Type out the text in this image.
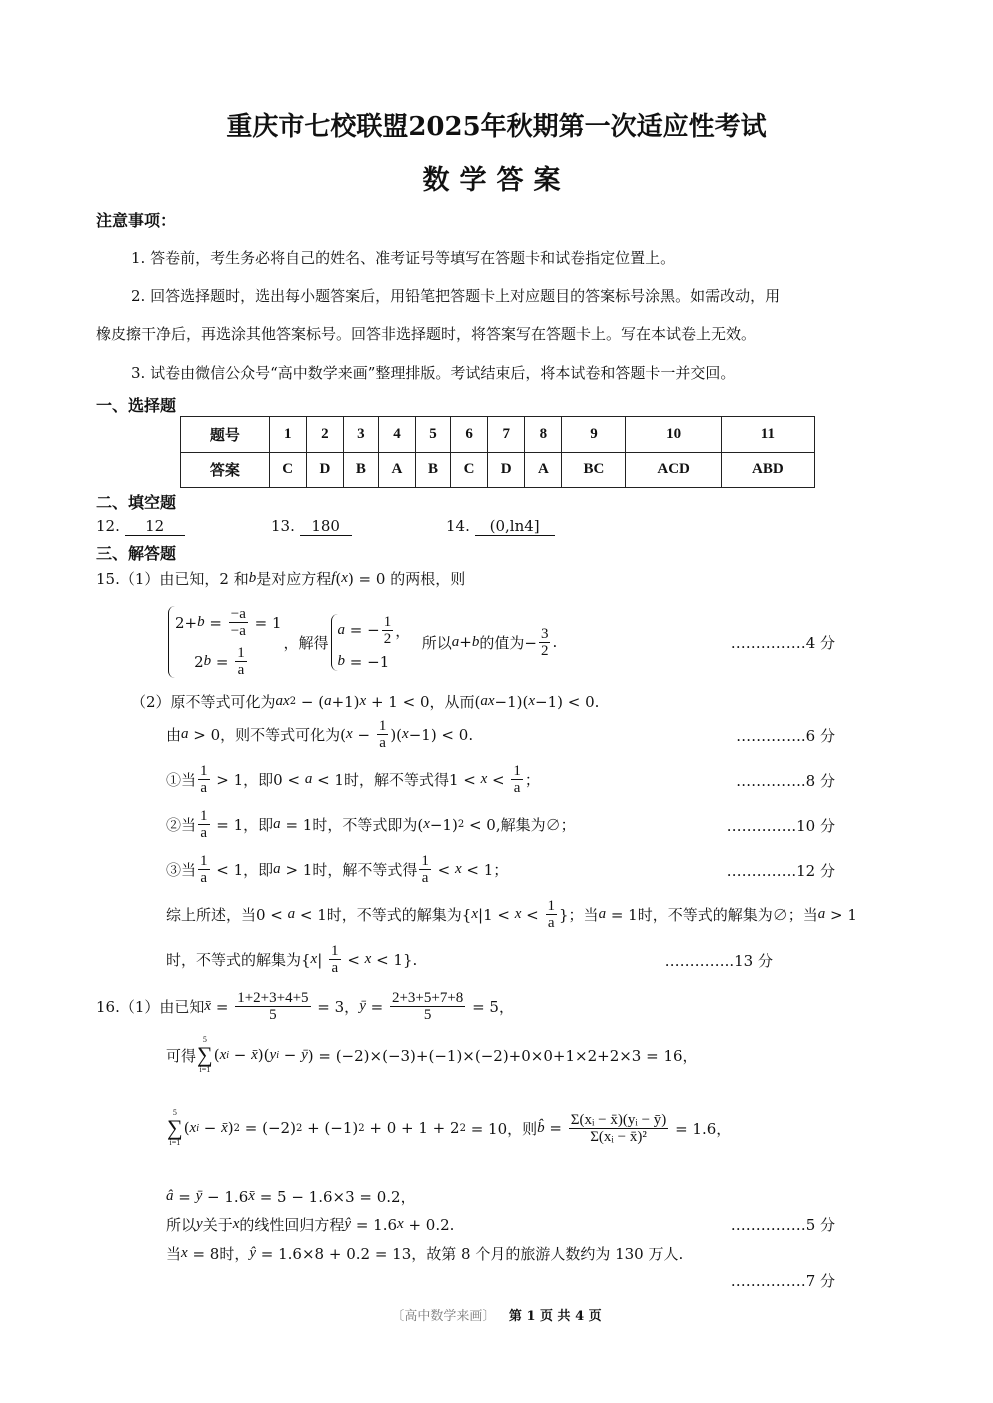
重庆市七校联盟2025年秋期第一次适应性考试
数学答案
注意事项：
1. 答卷前，考生务必将自己的姓名、准考证号等填写在答题卡和试卷指定位置上。
2. 回答选择题时，选出每小题答案后，用铅笔把答题卡上对应题目的答案标号涂黑。如需改动，用
橡皮擦干净后，再选涂其他答案标号。回答非选择题时，将答案写在答题卡上。写在本试卷上无效。
3. 试卷由微信公众号“高中数学来画”整理排版。考试结束后，将本试卷和答题卡一并交回。
一、选择题
题号	1	2	3	4	5	6	7	8	9	10	11
答案	C	D	B	A	B	C	D	A	BC	ACD	ABD
二、填空题
12. 12	13. 180	14. (0,ln4]
三、解答题
15.（1）由已知，2 和 b 是对应方程 f ( x ) = 0 的两根，则
$2+ b = \frac{-a}{-a} = 1$
2 $b = \frac{1}{a}$
，解得
a = − $\frac{1}{2}$ ，
b = −1
所以 a + b 的值为− $\frac{3}{2}$ .
（2）原不等式可化为 ax 2 − ( a +1) x + 1 < 0，从而( ax −1)( x −1) < 0.
由 a > 0，则不等式可化为( $x - \frac{1}{a}$ )( x −1) < 0.
①当 $\frac{1}{a} > 1$，即0 < a < 1时，解不等式得$1 < x < \frac{1}{a}$ ；
②当 $\frac{1}{a} = 1$，即 a = 1时，不等式即为( x −1) 2 < 0,解集为∅；
③当 $\frac{1}{a} < 1$，即 a > 1时，解不等式得 $\frac{1}{a} < x < 1$；
综上所述，当0 < a < 1时，不等式的解集为{ x $|1 < x < \frac{1}{a}$ }；当 a = 1时，不等式的解集为∅；当 a > 1
时，不等式的解集为{ x | $\frac{1}{a} < x < 1$}.
16.（1）由已知 x̄ = $\frac{1+2+3+4+5}{5} = 3$， ȳ = $\frac{2+3+5+7+8}{5} = 5$，
可得
5
∑
i=1
( x i − x̄ )( y i − ȳ ) = (−2)×(−3)+(−1)×(−2)+0×0+1×2+2×3 = 16，
5
∑
i=1
( x i − x̄ ) 2 = (−2) 2 + (−1) 2 + 0 + 1 + 2 2 = 10，则 b̂ = $\frac{\text{Σ(xᵢ − x̄)(yᵢ − ȳ)}}{\text{Σ(xᵢ − x̄)²}} = 1.6$，
â = ȳ − 1.6 x̄ = 5 − 1.6×3 = 0.2，
所以 y 关于 x 的线性回归方程 ŷ = 1.6 x + 0.2.
当 x = 8时， ŷ = 1.6×8 + 0.2 = 13，故第 8 个月的旅游人数约为 130 万人.
……………4 分
…………..6 分
…………..8 分
…………..10 分
…………..12 分
…………..13 分
……………5 分
……………7 分
〔高中数学来画〕 第 1 页 共 4 页
